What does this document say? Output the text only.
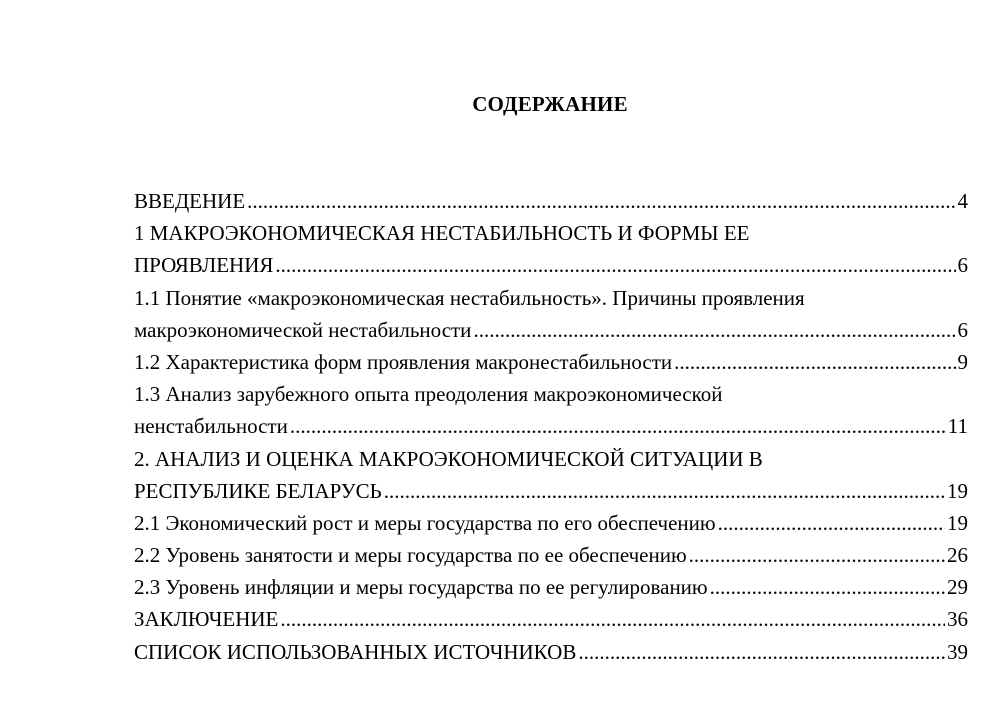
СОДЕРЖАНИЕ
ВВЕДЕНИЕ .....	4
1 МАКРОЭКОНОМИЧЕСКАЯ НЕСТАБИЛЬНОСТЬ И ФОРМЫ ЕЕ
ПРОЯВЛЕНИЯ .....	6
1.1 Понятие «макроэкономическая нестабильность». Причины проявления
макроэкономической нестабильности .....	6
1.2 Характеристика форм проявления макронестабильности .....	9
1.3 Анализ зарубежного опыта преодоления макроэкономической
ненстабильности .....	11
2. АНАЛИЗ И ОЦЕНКА МАКРОЭКОНОМИЧЕСКОЙ СИТУАЦИИ В
РЕСПУБЛИКЕ БЕЛАРУСЬ .....	19
2.1 Экономический рост и меры государства по его обеспечению .....	19
2.2 Уровень занятости и меры государства по ее обеспечению .....	26
2.3 Уровень инфляции и меры государства по ее регулированию .....	29
ЗАКЛЮЧЕНИЕ .....	36
СПИСОК ИСПОЛЬЗОВАННЫХ ИСТОЧНИКОВ .....	39
